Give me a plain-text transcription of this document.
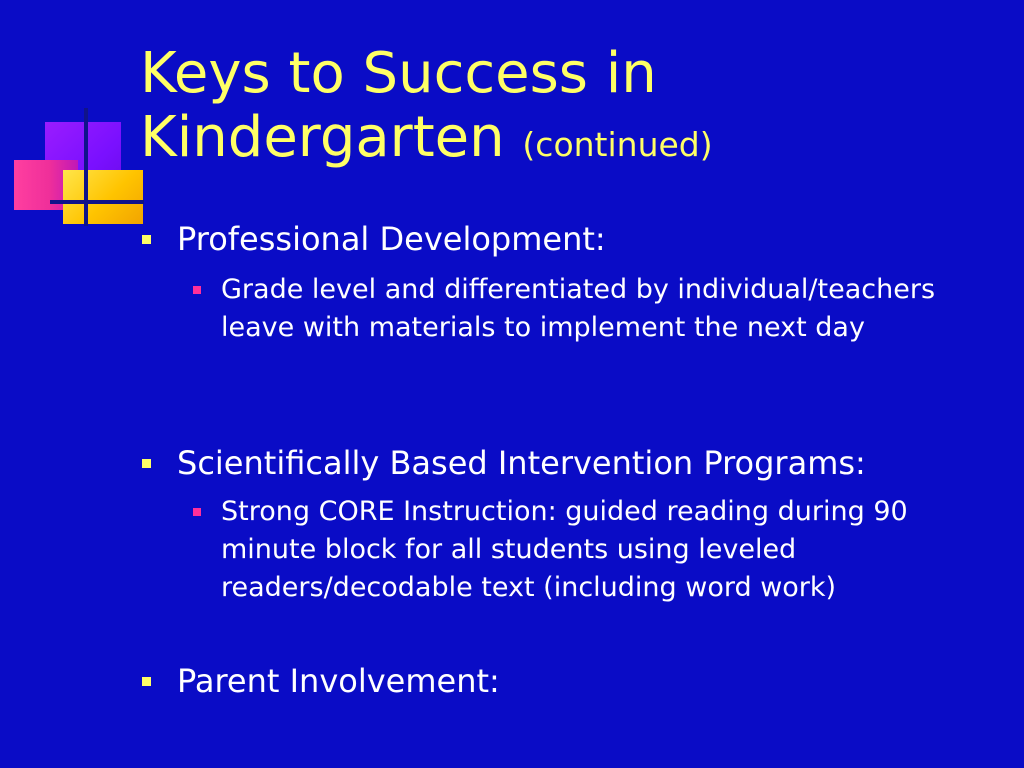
Keys to Success in Kindergarten (continued)
Professional Development:
Grade level and differentiated by individual/teachers leave with materials to implement the next day
Scientifically Based Intervention Programs:
Strong CORE Instruction: guided reading during 90 minute block for all students using leveled readers/decodable text (including word work)
Parent Involvement:
